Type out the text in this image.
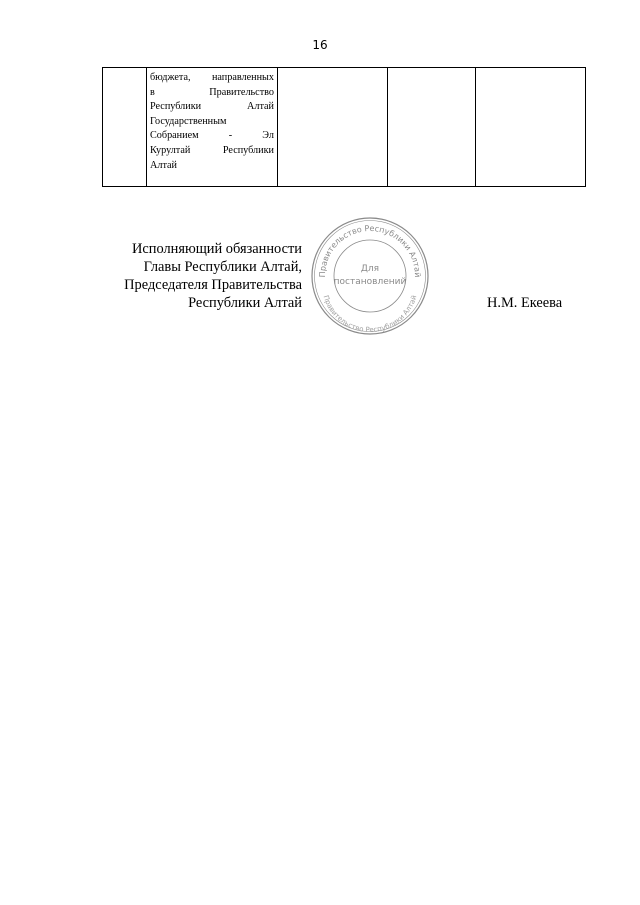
16

бюджета, направленных
в Правительство
Республики Алтай
Государственным
Собранием - Эл
Курултай Республики
Алтай

Исполняющий обязанности
Главы Республики Алтай,
Председателя Правительства
Республики Алтай	Н.М. Екеева
Правительство Республики Алтай
Правительство Республики Алтай
Для
постановлений
